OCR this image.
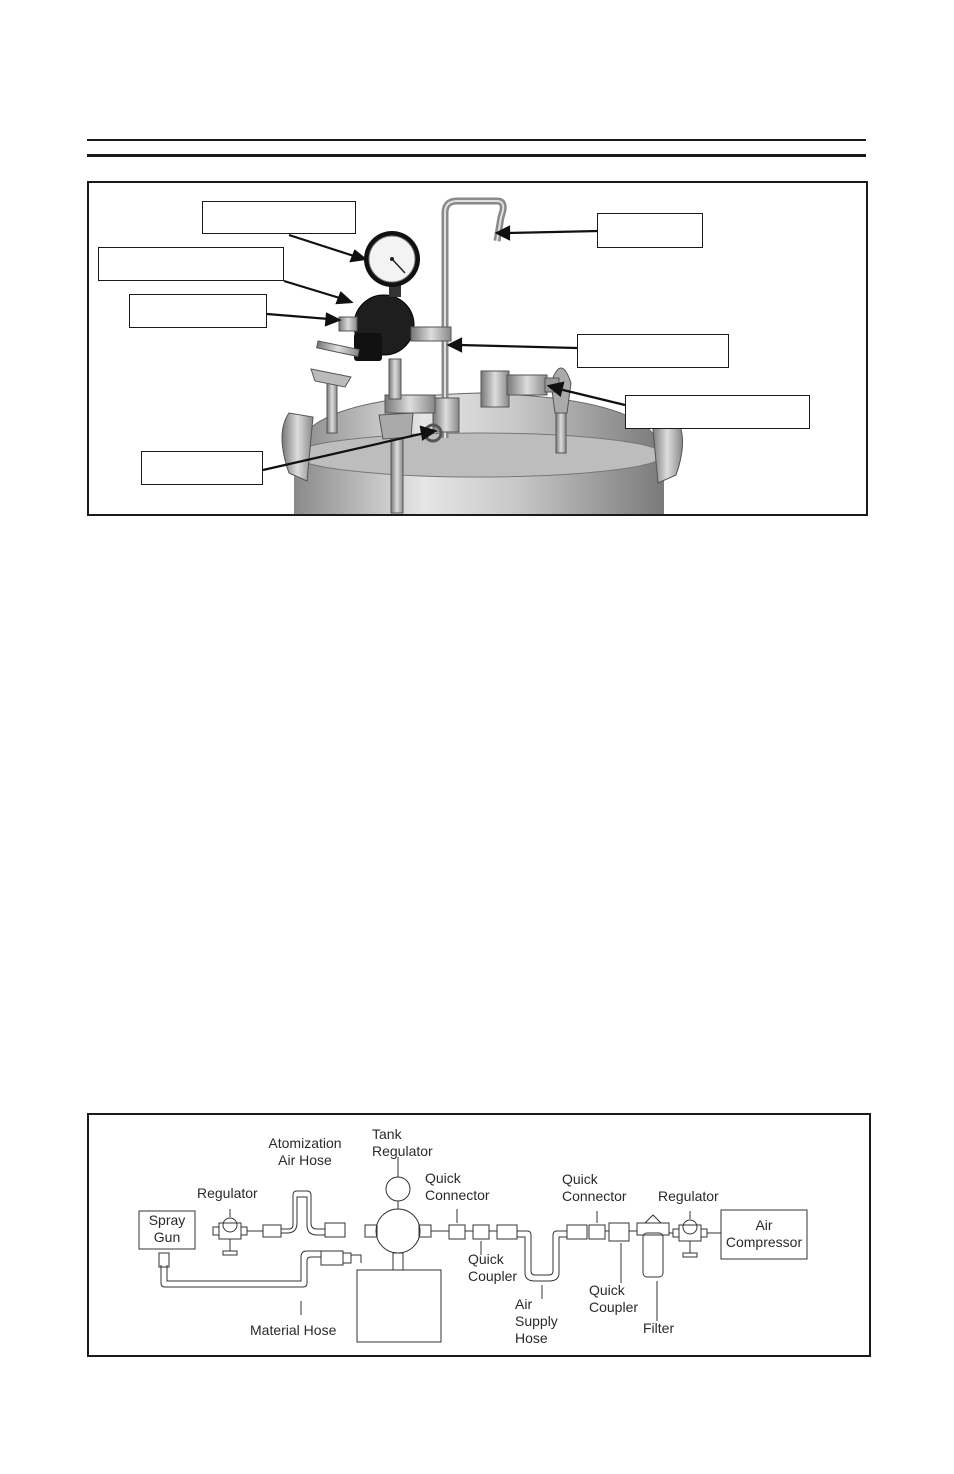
Spray
Gun
Air
Compressor
Atomization
Air Hose
Tank
Regulator
Regulator
Quick
Connector
Quick
Coupler
Quick
Connector Regulator
Quick
Coupler
Air
Supply
Hose
Filter
Material Hose
